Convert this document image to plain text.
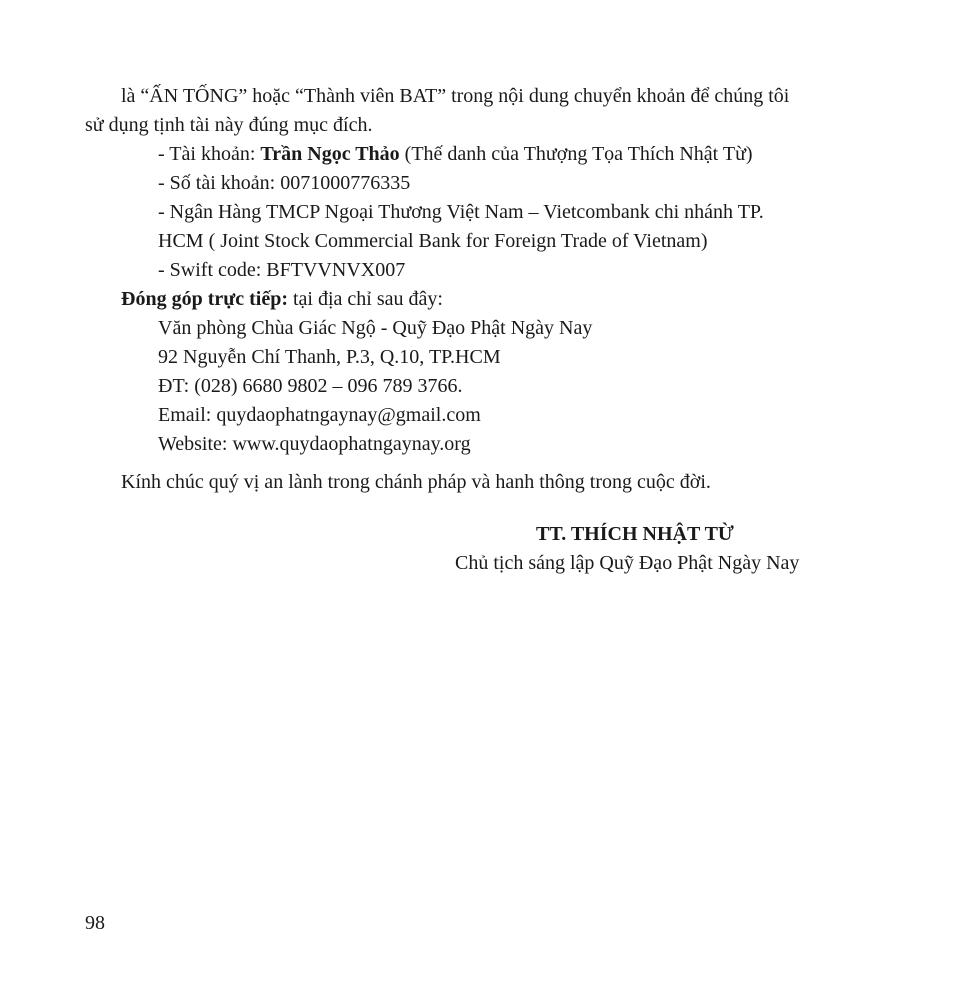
là “ẤN TỐNG” hoặc “Thành viên BAT” trong nội dung chuyển khoản để chúng tôi
sử dụng tịnh tài này đúng mục đích.
- Tài khoản: Trần Ngọc Thảo (Thế danh của Thượng Tọa Thích Nhật Từ)
- Số tài khoản: 0071000776335
- Ngân Hàng TMCP Ngoại Thương Việt Nam – Vietcombank chi nhánh TP.
HCM ( Joint Stock Commercial Bank for Foreign Trade of Vietnam)
- Swift code: BFTVVNVX007
Đóng góp trực tiếp: tại địa chỉ sau đây:
Văn phòng Chùa Giác Ngộ - Quỹ Đạo Phật Ngày Nay
92 Nguyễn Chí Thanh, P.3, Q.10, TP.HCM
ĐT: (028) 6680 9802 – 096 789 3766.
Email: quydaophatngaynay@gmail.com
Website: www.quydaophatngaynay.org
Kính chúc quý vị an lành trong chánh pháp và hanh thông trong cuộc đời.
TT. THÍCH NHẬT TỪ
Chủ tịch sáng lập Quỹ Đạo Phật Ngày Nay
98
